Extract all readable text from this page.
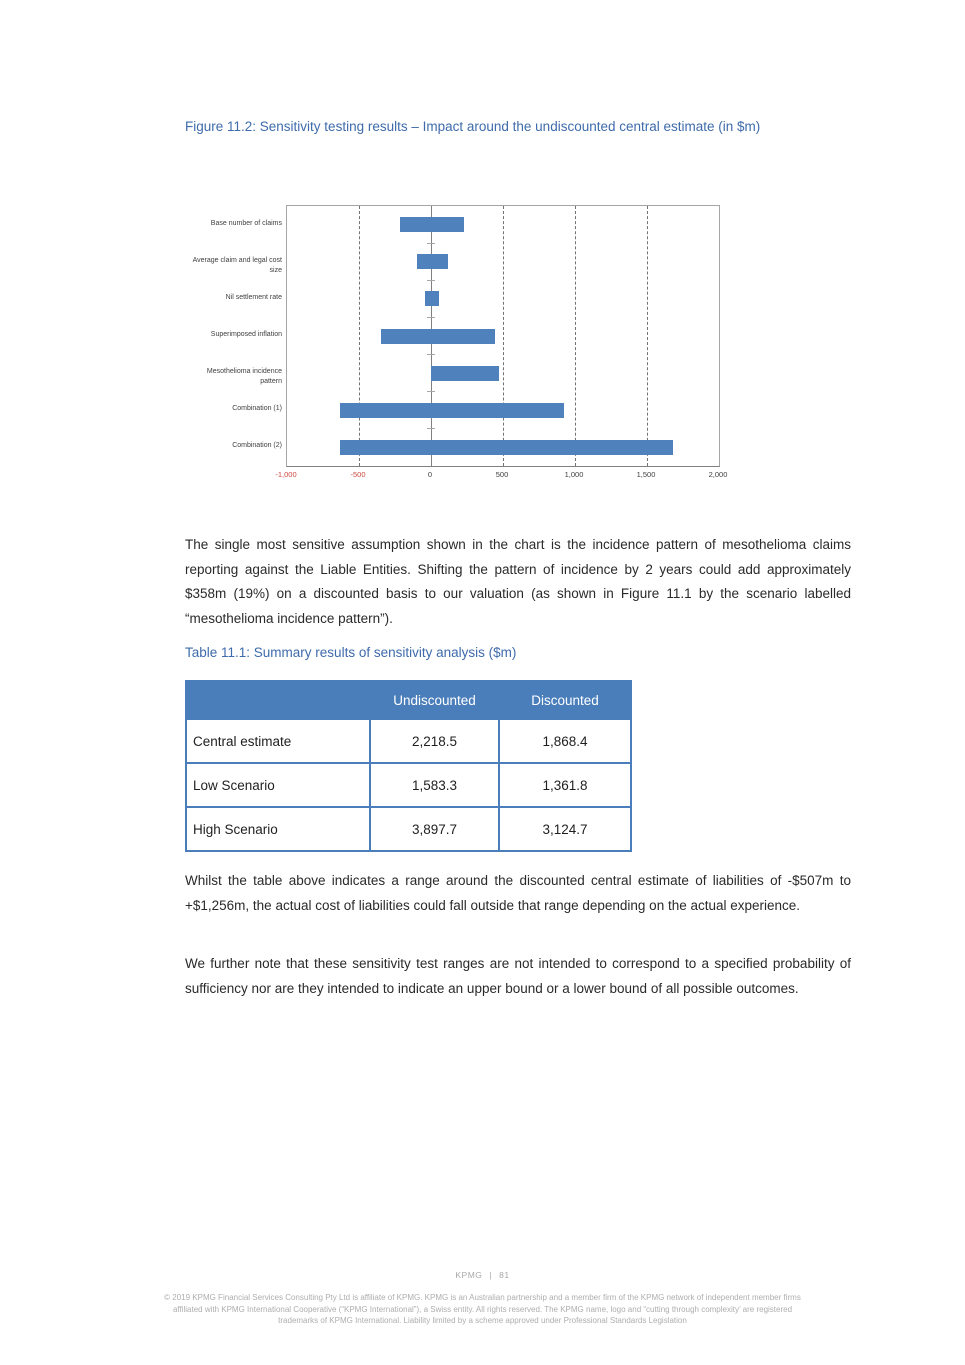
Figure 11.2: Sensitivity testing results – Impact around the undiscounted central estimate (in $m)
Base number of claims
Average claim and legal cost size
Nil settlement rate
Superimposed inflation
Mesothelioma incidence pattern
Combination (1)
Combination (2)
-1,000	-500	0	500	1,000	1,500	2,000

The single most sensitive assumption shown in the chart is the incidence pattern of mesothelioma claims reporting against the Liable Entities. Shifting the pattern of incidence by 2 years could add approximately $358m (19%) on a discounted basis to our valuation (as shown in Figure 11.1 by the scenario labelled “mesothelioma incidence pattern”).

Table 11.1: Summary results of sensitivity analysis ($m)
	Undiscounted	Discounted
Central estimate	2,218.5	1,868.4
Low Scenario	1,583.3	1,361.8
High Scenario	3,897.7	3,124.7

Whilst the table above indicates a range around the discounted central estimate of liabilities of -$507m to +$1,256m, the actual cost of liabilities could fall outside that range depending on the actual experience.

We further note that these sensitivity test ranges are not intended to correspond to a specified probability of sufficiency nor are they intended to indicate an upper bound or a lower bound of all possible outcomes.

KPMG | 81
© 2019 KPMG Financial Services Consulting Pty Ltd is affiliate of KPMG. KPMG is an Australian partnership and a member firm of the KPMG network of independent member firms
affiliated with KPMG International Cooperative (“KPMG International”), a Swiss entity. All rights reserved. The KPMG name, logo and “cutting through complexity’ are registered
trademarks of KPMG International. Liability limited by a scheme approved under Professional Standards Legislation
